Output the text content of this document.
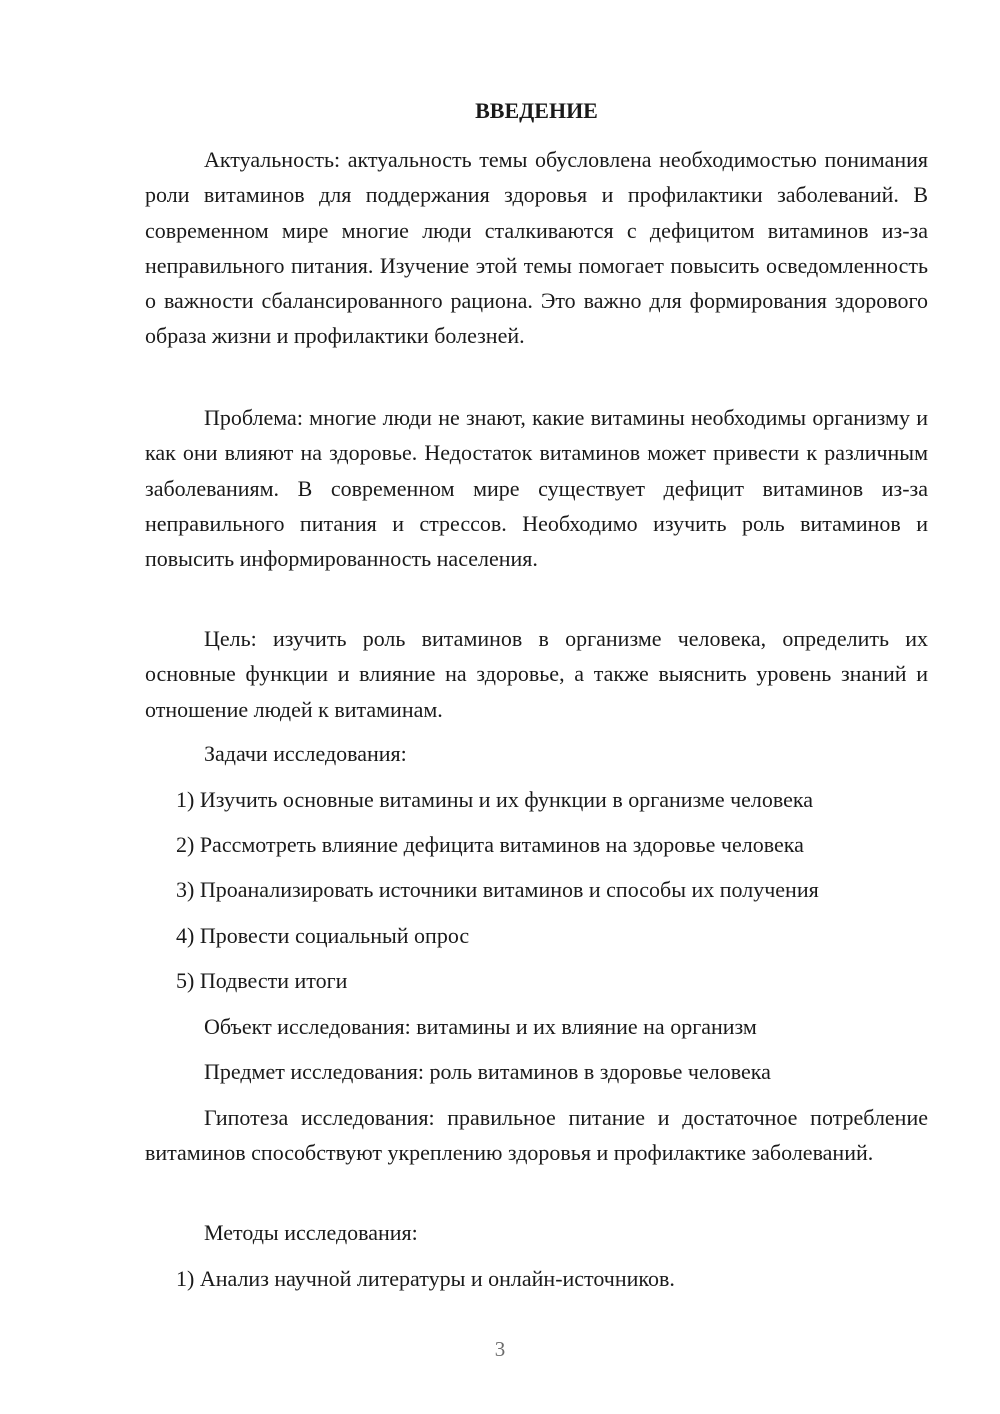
ВВЕДЕНИЕ

Актуальность: актуальность темы обусловлена необходимостью понимания роли витаминов для поддержания здоровья и профилактики заболеваний. В современном мире многие люди сталкиваются с дефицитом витаминов из-за неправильного питания. Изучение этой темы помогает повысить осведомленность о важности сбалансированного рациона. Это важно для формирования здорового образа жизни и профилактики болезней.

Проблема: многие люди не знают, какие витамины необходимы организму и как они влияют на здоровье. Недостаток витаминов может привести к различным заболеваниям. В современном мире существует дефицит витаминов из-за неправильного питания и стрессов. Необходимо изучить роль витаминов и повысить информированность населения.

Цель: изучить роль витаминов в организме человека, определить их основные функции и влияние на здоровье, а также выяснить уровень знаний и отношение людей к витаминам.

Задачи исследования:

1) Изучить основные витамины и их функции в организме человека

2) Рассмотреть влияние дефицита витаминов на здоровье человека

3) Проанализировать источники витаминов и способы их получения

4) Провести социальный опрос

5) Подвести итоги

Объект исследования: витамины и их влияние на организм

Предмет исследования: роль витаминов в здоровье человека

Гипотеза исследования: правильное питание и достаточное потребление витаминов способствуют укреплению здоровья и профилактике заболеваний.

Методы исследования:

1) Анализ научной литературы и онлайн-источников.

3
